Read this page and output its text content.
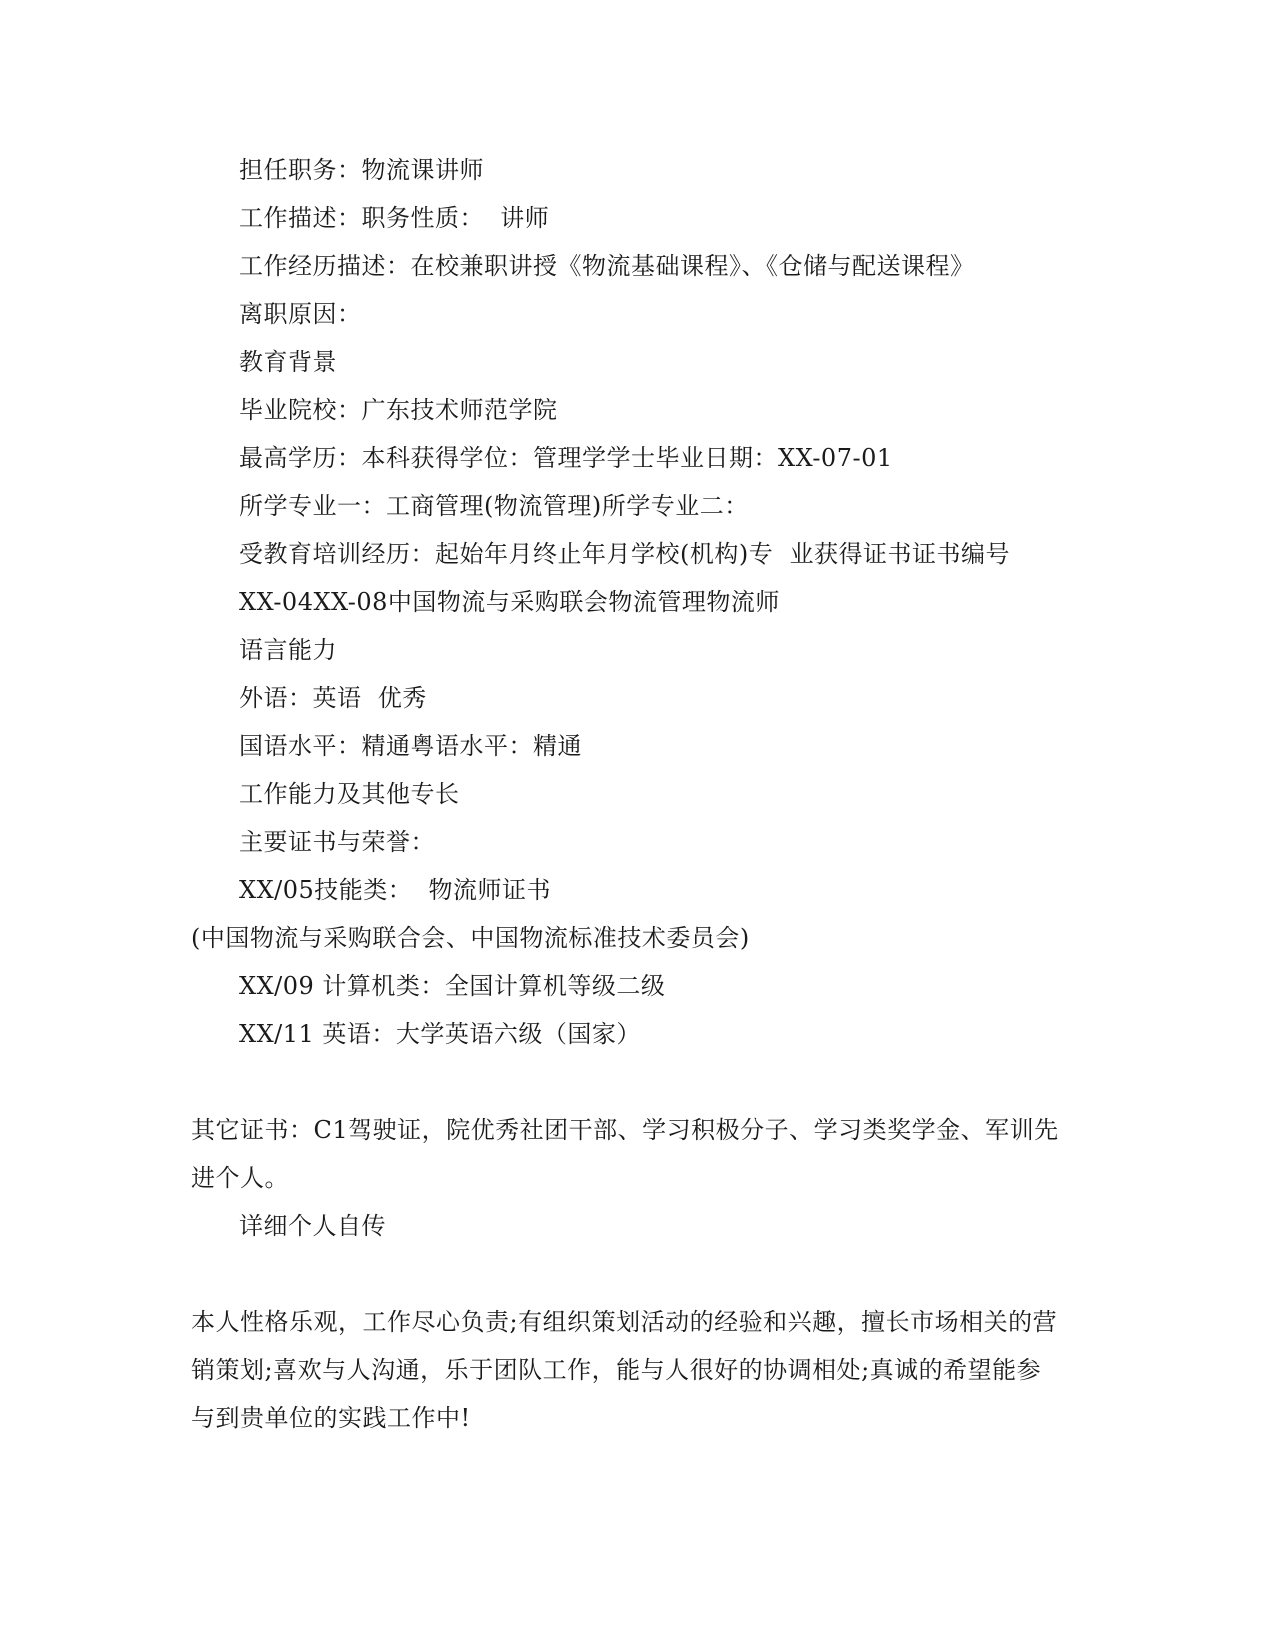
担任职务：物流课讲师
工作描述：职务性质：  讲师
工作经历描述：在校兼职讲授《物流基础课程》、《仓储与配送课程》
离职原因：
教育背景
毕业院校：广东技术师范学院
最高学历：本科获得学位：管理学学士毕业日期：XX-07-01
所学专业一：工商管理(物流管理)所学专业二：
受教育培训经历：起始年月终止年月学校(机构)专  业获得证书证书编号
XX-04XX-08中国物流与采购联会物流管理物流师
语言能力
外语：英语  优秀
国语水平：精通粤语水平：精通
工作能力及其他专长
主要证书与荣誉：
XX/05技能类：  物流师证书
(中国物流与采购联合会、中国物流标准技术委员会)
XX/09 计算机类：全国计算机等级二级
XX/11 英语：大学英语六级（国家）
其它证书：C1驾驶证，院优秀社团干部、学习积极分子、学习类奖学金、军训先
进个人。
详细个人自传
本人性格乐观，工作尽心负责;有组织策划活动的经验和兴趣，擅长市场相关的营
销策划;喜欢与人沟通，乐于团队工作，能与人很好的协调相处;真诚的希望能参
与到贵单位的实践工作中!
